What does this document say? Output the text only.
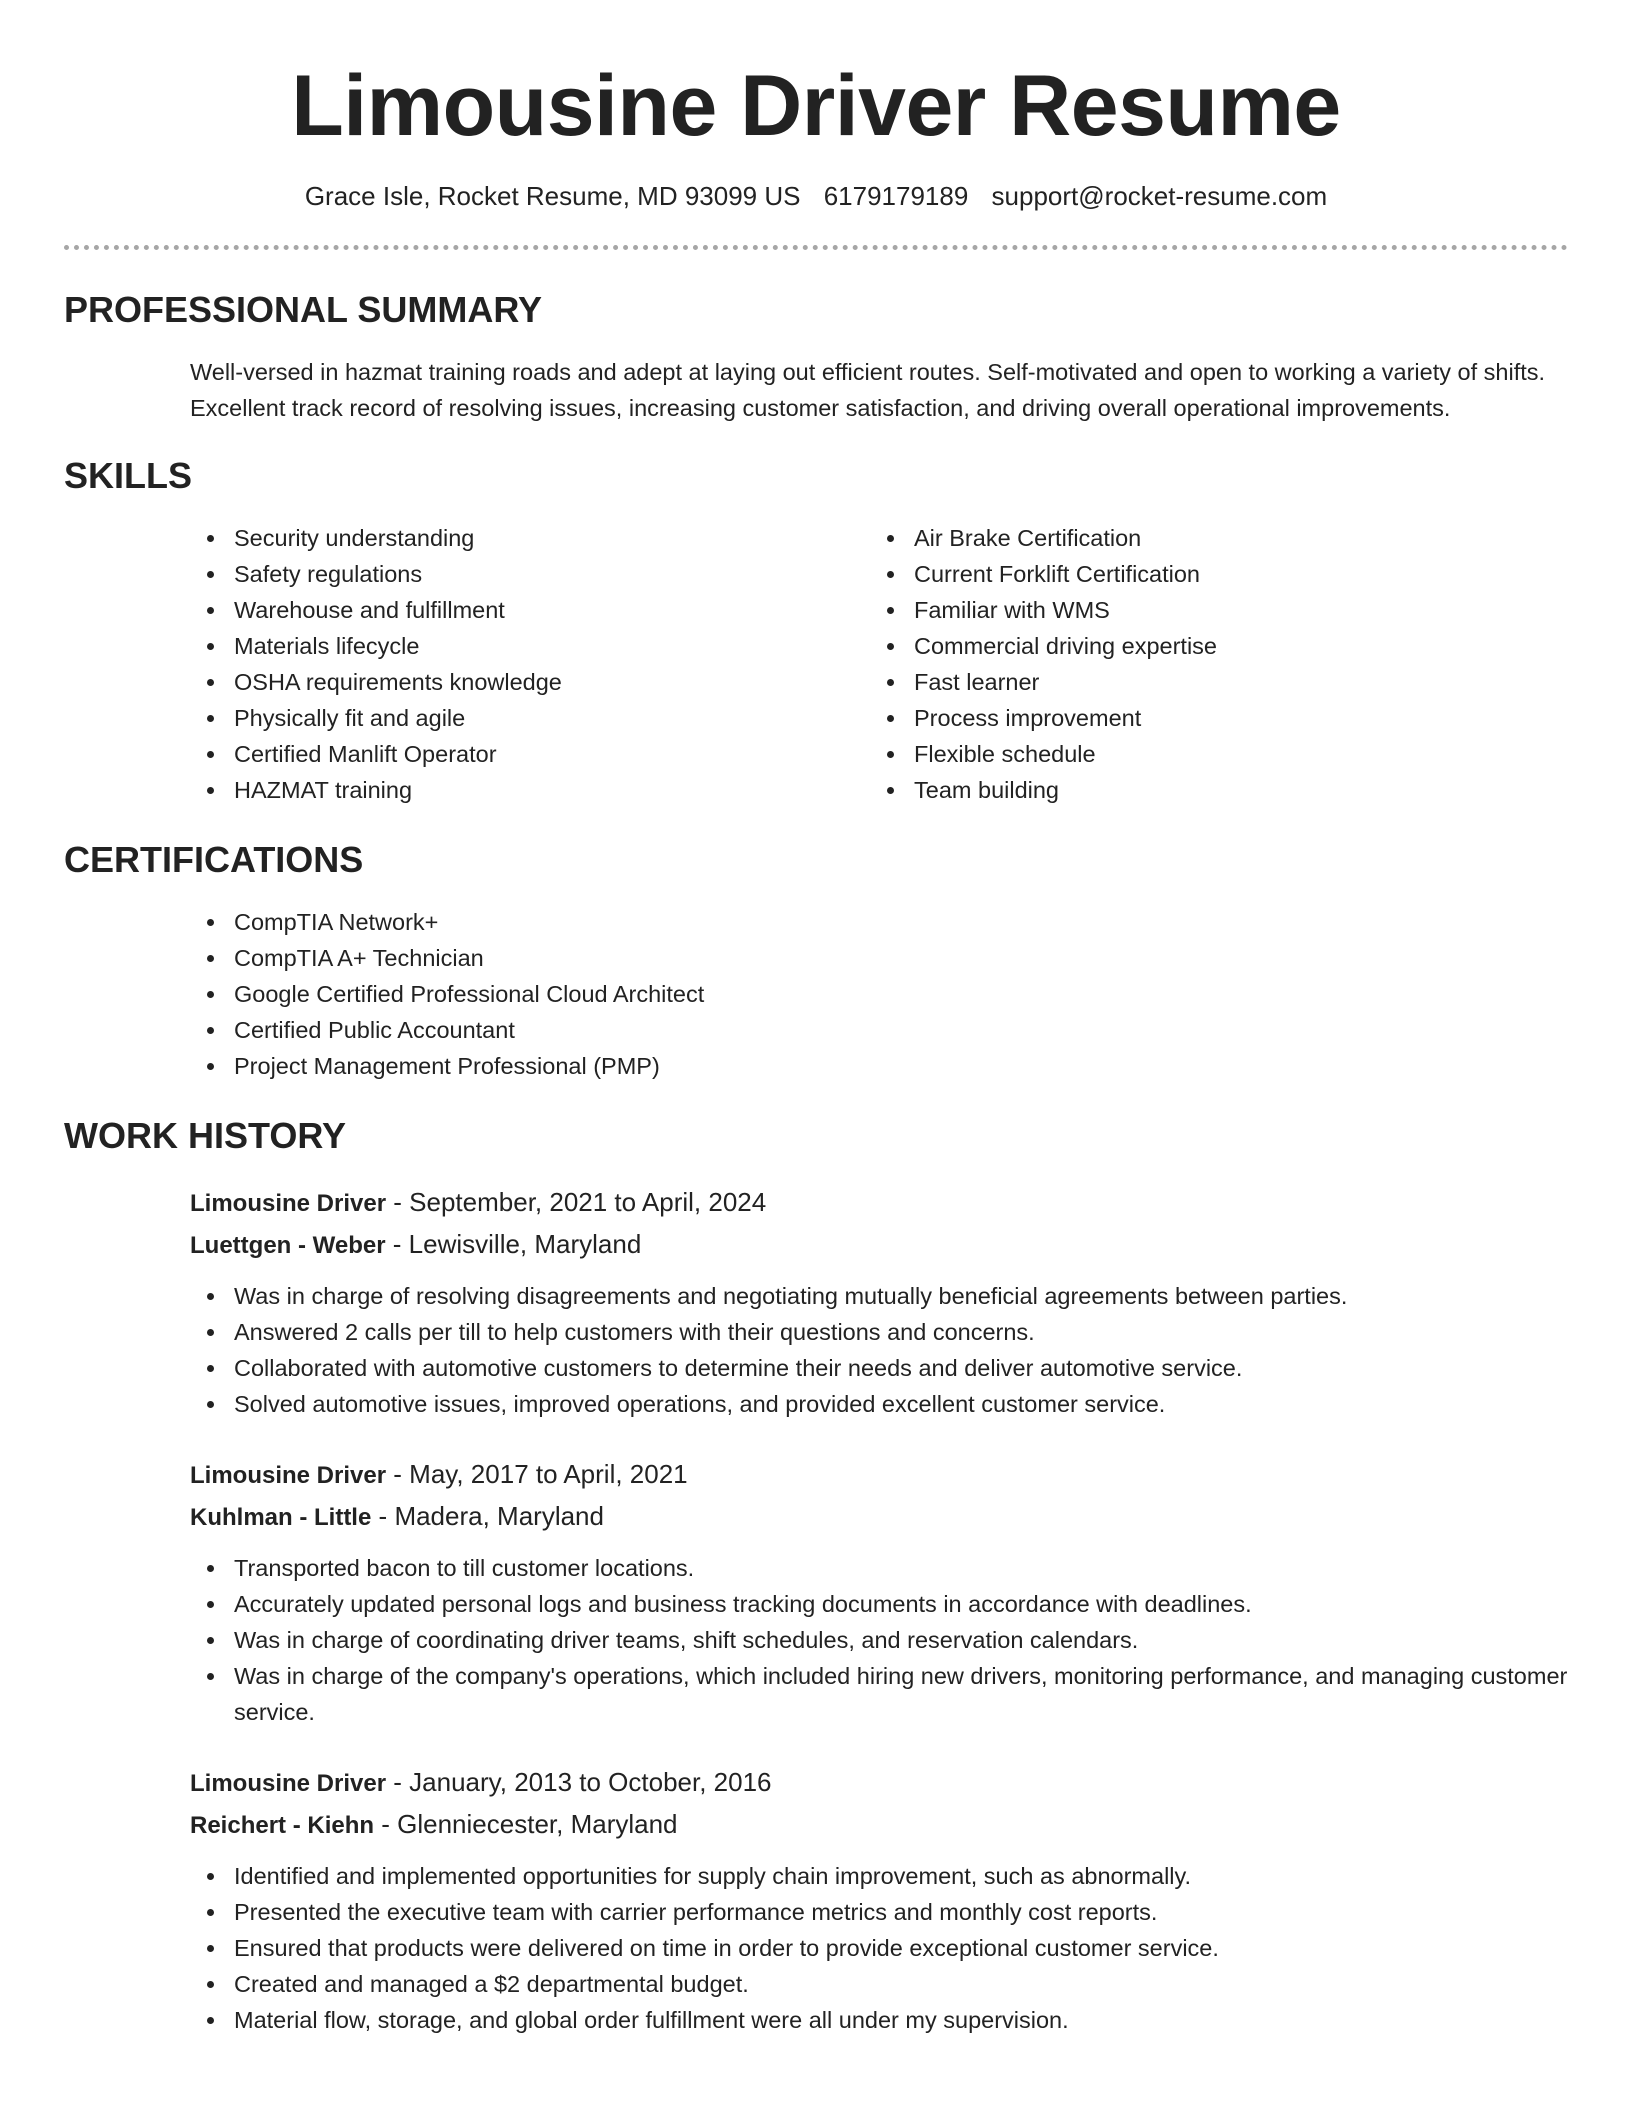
Limousine Driver Resume
Grace Isle, Rocket Resume, MD 93099 US 6179179189 support@rocket-resume.com
PROFESSIONAL SUMMARY
Well-versed in hazmat training roads and adept at laying out efficient routes. Self-motivated and open to working a variety of shifts. Excellent track record of resolving issues, increasing customer satisfaction, and driving overall operational improvements.
SKILLS
Security understanding
Safety regulations
Warehouse and fulfillment
Materials lifecycle
OSHA requirements knowledge
Physically fit and agile
Certified Manlift Operator
HAZMAT training
Air Brake Certification
Current Forklift Certification
Familiar with WMS
Commercial driving expertise
Fast learner
Process improvement
Flexible schedule
Team building
CERTIFICATIONS
CompTIA Network+
CompTIA A+ Technician
Google Certified Professional Cloud Architect
Certified Public Accountant
Project Management Professional (PMP)
WORK HISTORY
Limousine Driver - September, 2021 to April, 2024
Luettgen - Weber - Lewisville, Maryland
Was in charge of resolving disagreements and negotiating mutually beneficial agreements between parties.
Answered 2 calls per till to help customers with their questions and concerns.
Collaborated with automotive customers to determine their needs and deliver automotive service.
Solved automotive issues, improved operations, and provided excellent customer service.
Limousine Driver - May, 2017 to April, 2021
Kuhlman - Little - Madera, Maryland
Transported bacon to till customer locations.
Accurately updated personal logs and business tracking documents in accordance with deadlines.
Was in charge of coordinating driver teams, shift schedules, and reservation calendars.
Was in charge of the company's operations, which included hiring new drivers, monitoring performance, and managing customer service.
Limousine Driver - January, 2013 to October, 2016
Reichert - Kiehn - Glenniecester, Maryland
Identified and implemented opportunities for supply chain improvement, such as abnormally.
Presented the executive team with carrier performance metrics and monthly cost reports.
Ensured that products were delivered on time in order to provide exceptional customer service.
Created and managed a $2 departmental budget.
Material flow, storage, and global order fulfillment were all under my supervision.
